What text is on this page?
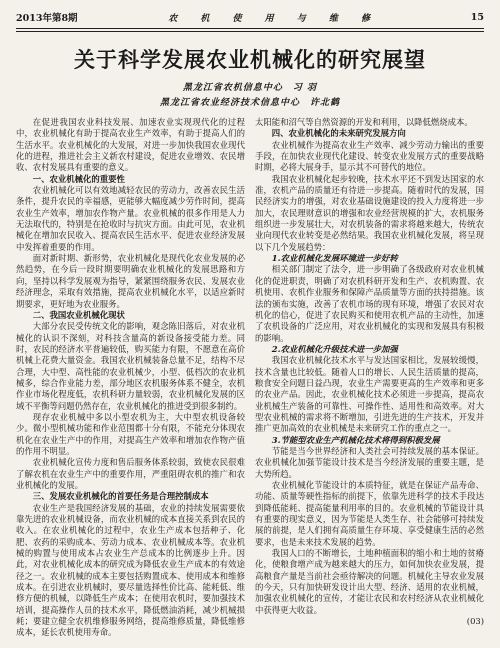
2013年第8期	农 机 使 用 与 维 修	15
关于科学发展农业机械化的研究展望
黑龙江省农机信息中心　习 羽
黑龙江省农业经济技术信息中心　许北鹤

在促进我国农业科技发展、加速农业实现现代化的过程中，农业机械化有助于提高农业生产效率，有助于提高人们的生活水平。农业机械化的大发展，对进一步加快我国农业现代化的进程，推进社会主义新农村建设，促进农业增效、农民增收、农村发展具有重要的意义。

一、农业机械化的重要性

农业机械化可以有效地减轻农民的劳动力，改善农民生活条件，提升农民的幸福感，更能够大幅度减少劳作时间，提高农业生产效率，增加农作物产量。农业机械的很多作用是人力无法取代的，特别是在抢收时与抗灾方面。由此可见，农业机械化在增加农民收入、提高农民生活水平、促进农业经济发展中发挥着重要的作用。

面对新时期、新形势，农业机械化是现代化农业发展的必然趋势，在今后一段时期要明确农业机械化的发展思路和方向，坚持以科学发展观为指导，紧紧围绕服务农民、发展农业经济理念，采取有效措施，提高农业机械化水平，以适应新时期要求，更好地为农业服务。

二、我国农业机械化现状

大部分农民受传统文化的影响，观念陈旧落后，对农业机械化的认识不深刻，对科技含量高的新设备接受能力差。同时，农民的经济水平普遍较低，购买能力有限，不愿意在高价机械上花费大量资金。我国农业机械装备总量不足，结构不尽合理，大中型、高性能的农业机械少，小型、低档次的农业机械多，综合作业能力差，部分地区农机服务体系不健全，农机作业市场化程度低，农机科研力量较弱，农业机械化发展的区域不平衡等问题仍然存在，农业机械化的推进受到很多制约。

现存农业机械中多以小型农机为主，大中型农机设备较少。微小型机械功能和作业范围都十分有限，不能充分体现农机化在农业生产中的作用，对提高生产效率和增加农作物产值的作用不明显。

农业机械化宣传力度和售后服务体系较弱，致使农民很难了解农机在农业生产中的重要作用，严重阻碍农机的推广和农业机械化的发展。

三、发展农业机械化的首要任务是合理控制成本

农业生产是我国经济发展的基础，农业的持续发展需要依靠先进的农业机械设备，而农业机械的成本直接关系到农民的收入。在农业机械化的过程中，农业生产成本包括种子、化肥、农药的采购成本、劳动力成本、农业机械成本等。农业机械的购置与使用成本占农业生产总成本的比例逐步上升。因此，对农业机械化成本的研究成为降低农业生产成本的有效途径之一。农业机械的成本主要包括购置成本、使用成本和维修成本。在引进农业机械时，要尽量选择性价比高、能耗低、维修方便的机械，以降低生产成本；在使用农机时，要加强技术培训，提高操作人员的技术水平，降低燃油消耗，减少机械损耗；要建立健全农机维修服务网络，提高维修质量，降低维修成本，延长农机使用寿命。

太阳能和沼气等自然资源的开发和利用，以降低燃烧成本。

四、农业机械化的未来研究发展方向

农业机械作为提高农业生产效率、减少劳动力输出的重要手段，在加快农业现代化建设、转变农业发展方式的重要战略时期，必将大展身手，显示其不可替代的地位。

我国农业机械化起步较晚，技术水平还不到发达国家的水准，农机产品的质量还有待进一步提高。随着时代的发展，国民经济实力的增强，对农业基础设施建设的投入力度将进一步加大，农民理财意识的增强和农业经营规模的扩大，农机服务组织进一步发展壮大，对农机装备的需求将越来越大，传统农业向现代农业转变是必然结果。我国农业机械化发展，将呈现以下几个发展趋势：

1.农业机械化发展环境进一步好转

相关部门制定了法令，进一步明确了各级政府对农业机械化的促进职责，明确了对农机科研开发和生产、农机购置、农机使用、农机作业服务和保障产品质量等方面的扶持措施。该法的颁布实施，改善了农机市场的现有环境，增强了农民对农机化的信心，促进了农民购买和使用农机产品的主动性，加速了农机设备的广泛应用，对农业机械化的实现和发展具有积极的影响。

2.农业机械化升级技术进一步加强

我国农业机械化技术水平与发达国家相比，发展较缓慢，技术含量也比较低。随着人口的增长、人民生活质量的提高，粮食安全问题日益凸现，农业生产需要更高的生产效率和更多的农业产品。因此，农业机械化技术必须进一步提高，提高农业机械生产装备的可靠性、可操作性、适用性和高效率。对大型农业机械的需求将不断增加，引进先进的生产技术，开发并推广更加高效的农业机械是未来研究工作的重点之一。

3.节能型农业生产机械化技术将得到积极发展

节能是当今世界经济和人类社会可持续发展的基本保证。农业机械化加强节能设计技术是当今经济发展的重要主题，是大势所趋。

农业机械化节能设计的本质特征，就是在保证产品寿命、功能、质量等硬性指标的前提下，依靠先进科学的技术手段达到降低能耗、提高能量利用率的目的。农业机械的节能设计具有重要的现实意义，因为节能是人类生存、社会能够可持续发展的前提，是人们拥有高质量生存环境、享受健康生活的必然要求，也是未来技术发展的趋势。

我国人口的不断增长，土地种植面积的缩小和土地的贫瘠化，使粮食增产成为越来越大的压力，如何加快农业发展，提高粮食产量是当前社会亟待解决的问题。机械化主导农业发展的今天，只有加快研发设计出大型、经济、适用的农业机械，加强农业机械化的宣传，才能让农民和农村经济从农业机械化中获得更大收益。

(03)
